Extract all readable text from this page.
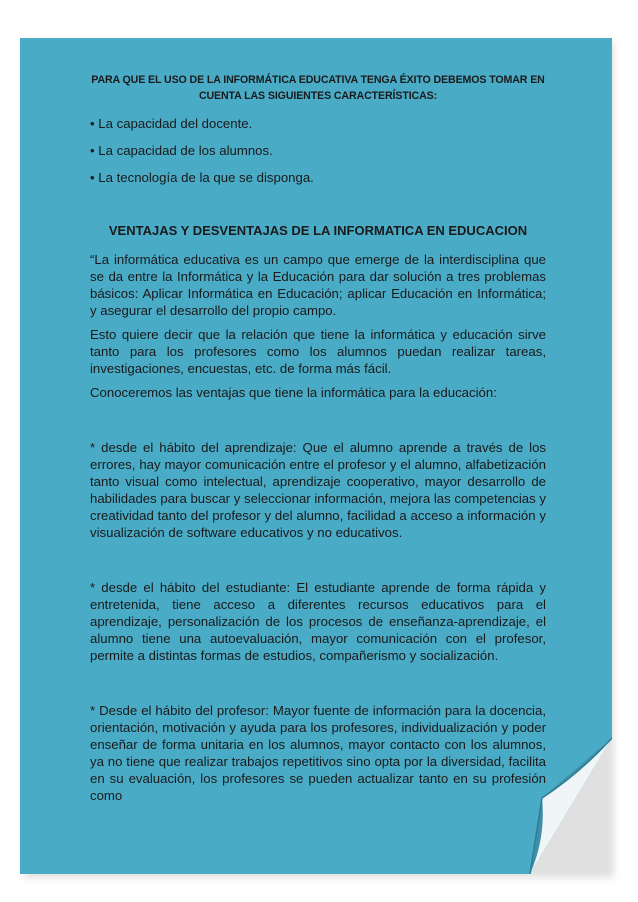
PARA QUE EL USO DE LA INFORMÁTICA EDUCATIVA TENGA ÉXITO DEBEMOS TOMAR EN CUENTA LAS SIGUIENTES CARACTERÍSTICAS:
• La capacidad del docente.
• La capacidad de los alumnos.
• La tecnología de la que se disponga.
VENTAJAS Y DESVENTAJAS DE LA INFORMATICA EN EDUCACION

“La informática educativa es un campo que emerge de la interdisciplina que se da entre la Informática y la Educación para dar solución a tres problemas básicos: Aplicar Informática en Educación; aplicar Educación en Informática; y asegurar el desarrollo del propio campo.

Esto quiere decir que la relación que tiene la informática y educación sirve tanto para los profesores como los alumnos puedan realizar tareas, investigaciones, encuestas, etc. de forma más fácil.

Conoceremos las ventajas que tiene la informática para la educación:

* desde el hábito del aprendizaje: Que el alumno aprende a través de los errores, hay mayor comunicación entre el profesor y el alumno, alfabetización tanto visual como intelectual, aprendizaje cooperativo, mayor desarrollo de habilidades para buscar y seleccionar información, mejora las competencias y creatividad tanto del profesor y del alumno, facilidad a acceso a información y visualización de software educativos y no educativos.

* desde el hábito del estudiante: El estudiante aprende de forma rápida y entretenida, tiene acceso a diferentes recursos educativos para el aprendizaje, personalización de los procesos de enseñanza-aprendizaje, el alumno tiene una autoevaluación, mayor comunicación con el profesor, permite a distintas formas de estudios, compañerismo y socialización.

* Desde el hábito del profesor: Mayor fuente de información para la docencia, orientación, motivación y ayuda para los profesores, individualización y poder enseñar de forma unitaria en los alumnos, mayor contacto con los alumnos, ya no tiene que realizar trabajos repetitivos sino opta por la diversidad, facilita en su evaluación, los profesores se pueden actualizar tanto en su profesión como
